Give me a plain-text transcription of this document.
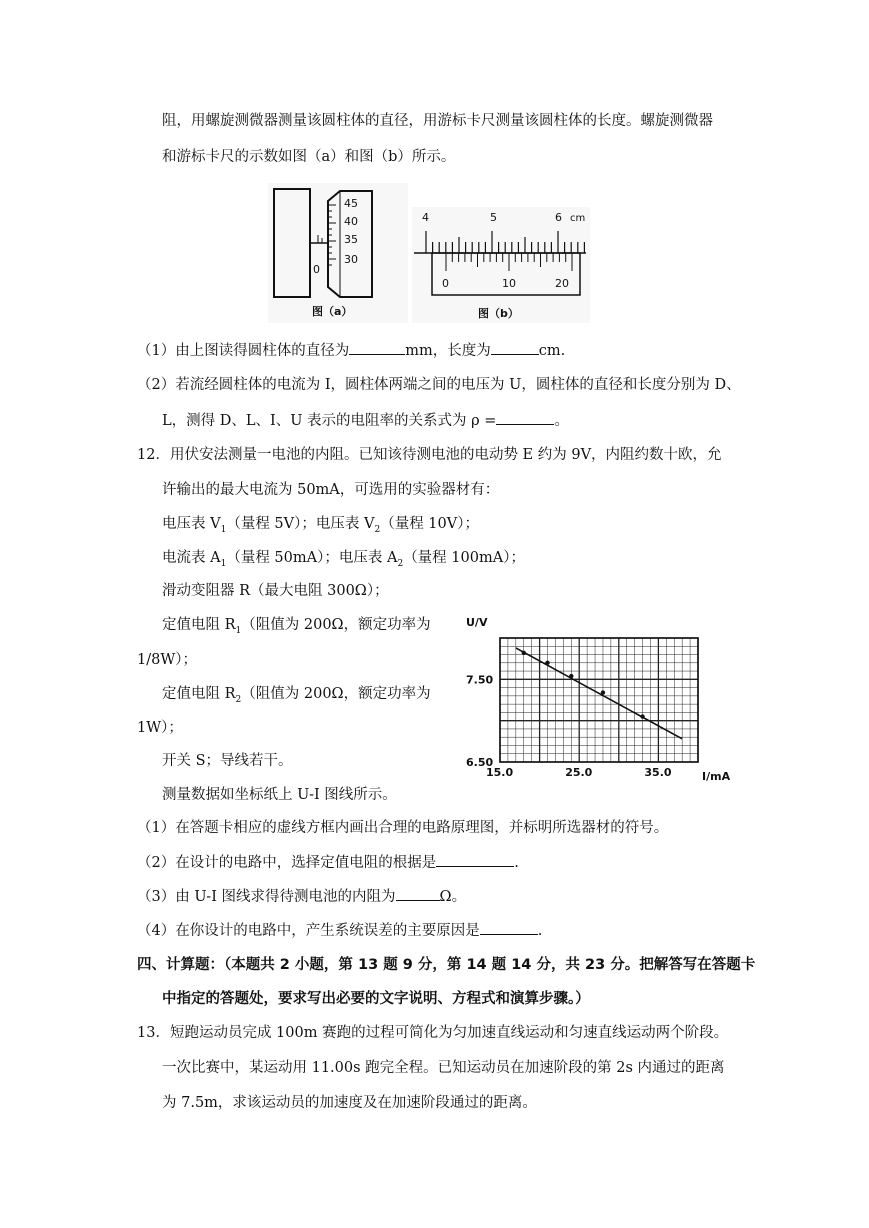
阻，用螺旋测微器测量该圆柱体的直径，用游标卡尺测量该圆柱体的长度。螺旋测微器
和游标卡尺的示数如图（a）和图（b）所示。
45
40
35
30
0
图（a）
4	5	6 cm
0	10	20
图（b）
（1）由上图读得圆柱体的直径为	mm，长度为	cm.
（2）若流经圆柱体的电流为 I，圆柱体两端之间的电压为 U，圆柱体的直径和长度分别为 D、
L，测得 D、L、I、U 表示的电阻率的关系式为 ρ =	。
12．用伏安法测量一电池的内阻。已知该待测电池的电动势 E 约为 9V，内阻约数十欧，允
许输出的最大电流为 50mA，可选用的实验器材有：
电压表 $V_1$（量程 5V）；电压表 $V_2$（量程 10V）；
电流表 $A_1$（量程 50mA）；电压表 $A_2$（量程 100mA）；
滑动变阻器 R（最大电阻 300Ω）；
定值电阻 $R_1$（阻值为 200Ω，额定功率为
1/8W）；
定值电阻 $R_2$（阻值为 200Ω，额定功率为
1W）；
开关 S；导线若干。
测量数据如坐标纸上 U-I 图线所示。
U/V
15.0	25.0	35.0
6.50
7.50
I/mA
（1）在答题卡相应的虚线方框内画出合理的电路原理图，并标明所选器材的符号。
（2）在设计的电路中，选择定值电阻的根据是	.
（3）由 U-I 图线求得待测电池的内阻为	Ω。
（4）在你设计的电路中，产生系统误差的主要原因是	.
四、计算题：（本题共 2 小题，第 13 题 9 分，第 14 题 14 分，共 23 分。把解答写在答题卡
中指定的答题处，要求写出必要的文字说明、方程式和演算步骤。）
13．短跑运动员完成 100m 赛跑的过程可简化为匀加速直线运动和匀速直线运动两个阶段。
一次比赛中，某运动用 11.00s 跑完全程。已知运动员在加速阶段的第 2s 内通过的距离
为 7.5m，求该运动员的加速度及在加速阶段通过的距离。
